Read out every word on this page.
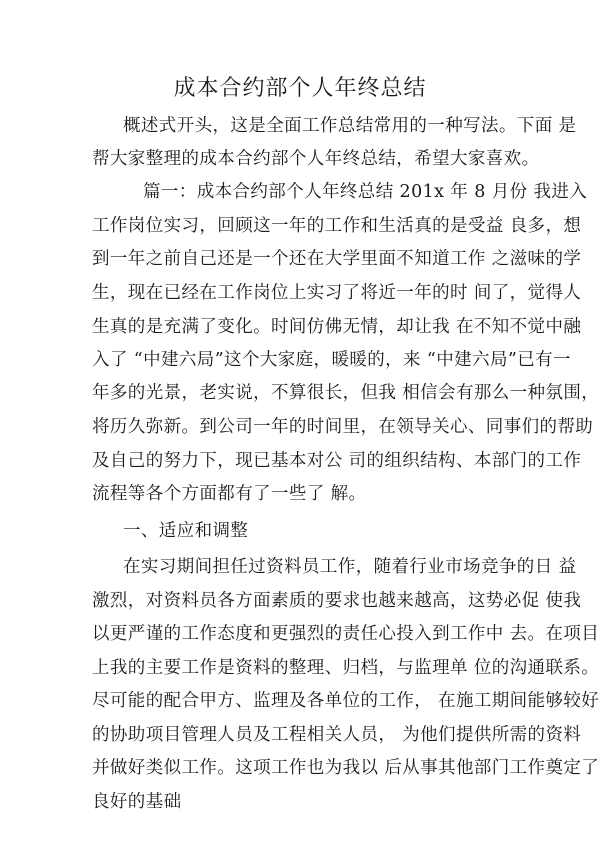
成本合约部个人年终总结
概述式开头，这是全面工作总结常用的一种写法。下面 是
帮大家整理的成本合约部个人年终总结，希望大家喜欢。
篇一：成本合约部个人年终总结 201x 年 8 月份 我进入
工作岗位实习，回顾这一年的工作和生活真的是受益 良多，想
到一年之前自己还是一个还在大学里面不知道工作 之滋味的学
生，现在已经在工作岗位上实习了将近一年的时 间了，觉得人
生真的是充满了变化。时间仿佛无情，却让我 在不知不觉中融
入了 “中建六局”这个大家庭，暖暖的，来 “中建六局”已有一
年多的光景，老实说，不算很长，但我 相信会有那么一种氛围，
将历久弥新。到公司一年的时间里，在领导关心、同事们的帮助
及自己的努力下，现已基本对公 司的组织结构、本部门的工作
流程等各个方面都有了一些了 解。
一、适应和调整
在实习期间担任过资料员工作，随着行业市场竞争的日 益
激烈，对资料员各方面素质的要求也越来越高，这势必促 使我
以更严谨的工作态度和更强烈的责任心投入到工作中 去。在项目
上我的主要工作是资料的整理、归档，与监理单 位的沟通联系。
尽可能的配合甲方、监理及各单位的工作， 在施工期间能够较好
的协助项目管理人员及工程相关人员， 为他们提供所需的资料
并做好类似工作。这项工作也为我以 后从事其他部门工作奠定了
良好的基础
